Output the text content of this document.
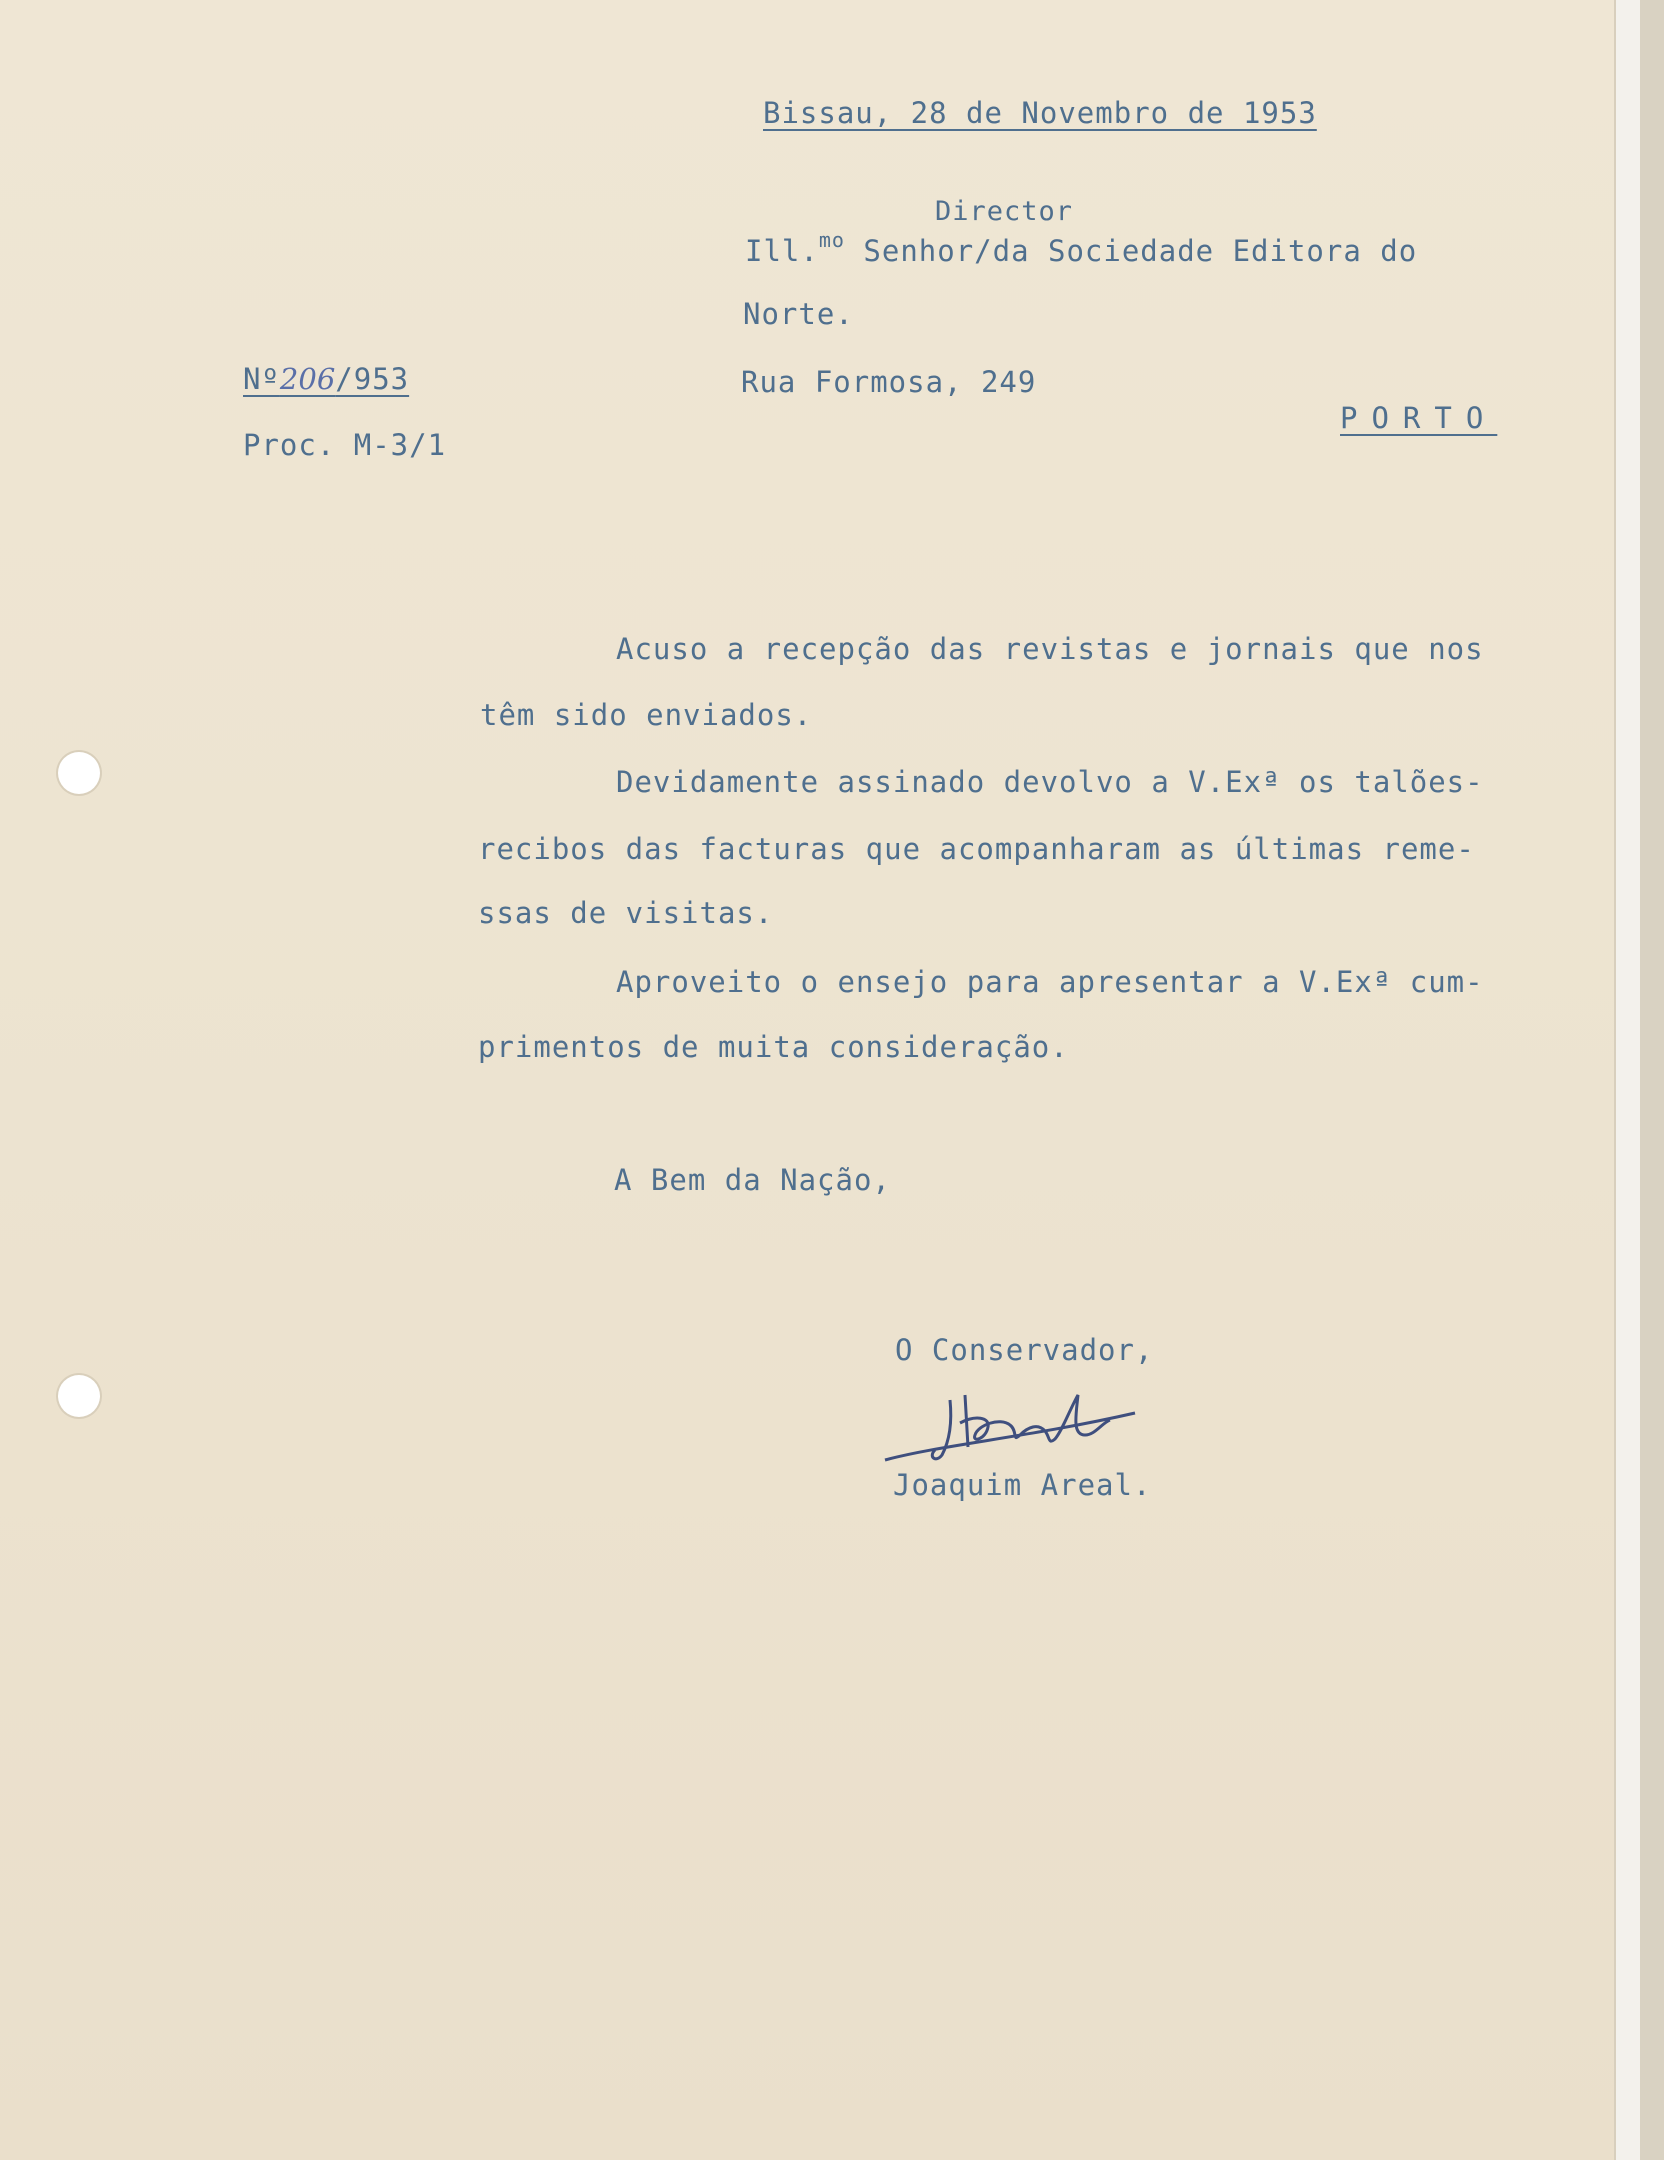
Bissau, 28 de Novembro de 1953
Director
Ill.$^{mo}$ Senhor/da Sociedade Editora do
Norte.
Rua Formosa, 249
PORTO
Nº206/953
Proc. M-3/1
Acuso a recepção das revistas e jornais que nos
têm sido enviados.
Devidamente assinado devolvo a V.Exª os talões-
recibos das facturas que acompanharam as últimas reme-
ssas de visitas.
Aproveito o ensejo para apresentar a V.Exª cum-
primentos de muita consideração.
A Bem da Nação,
O Conservador,
Joaquim Areal.
